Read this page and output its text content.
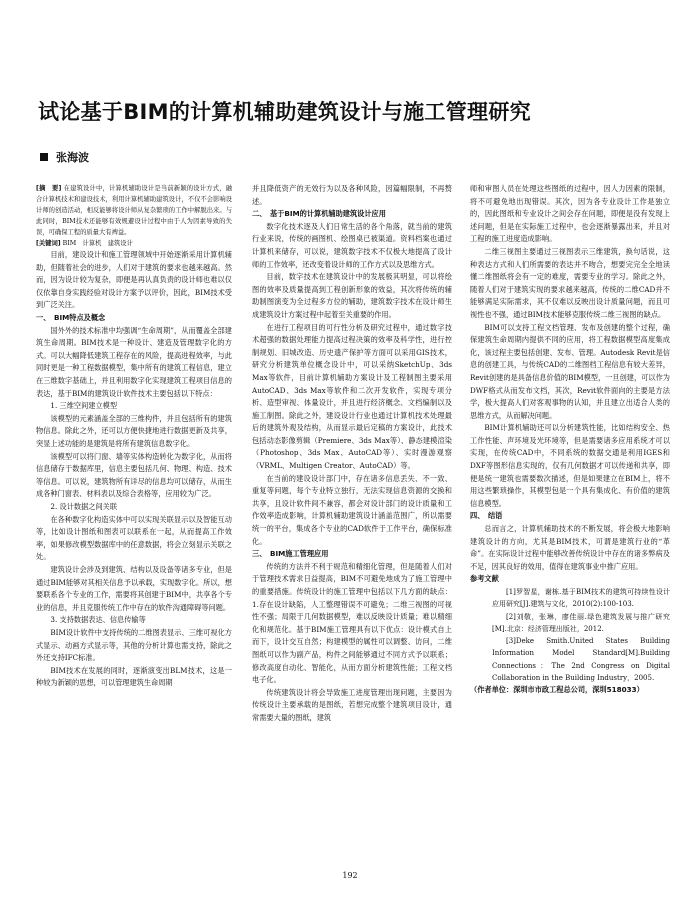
试论基于BIM的计算机辅助建筑设计与施工管理研究
张海波

[摘　要] 在建筑设计中，计算机辅助设计是当前新颖的设计方式，融合计算机技术和建设技术，利用计算机辅助建筑设计，不仅不会影响设计师的创造活动，相反能够将设计师从复杂繁琐的工作中解脱出来。与此同时，BIM技术还能够有效规避设计过程中由于人为因素导致的失误，可确保工程的质量大有裨益。

[关键词] BIM　计算机　建筑设计

目前，建设设计和施工管理领域中开始逐渐采用计算机辅助，但随着社会的进步，人们对于建筑的要求也越来越高。然而，因为设计较为复杂，即便是再认真负责的设计师也难以仅仅依靠自身实践经验对设计方案予以评价，因此，BIM技术受到广泛关注。

一、　BIM特点及概念

国外外的技术标准中均强调“生命周期”，从而覆盖全部建筑生命周期。BIM技术是一种设计、建造及管理数字化的方式。可以大幅降低建筑工程存在的风险，提高进程效率，与此同时更是一种工程数据模型，集中所有的建筑工程信息，建立在三维数字基础上，并且利用数字化实现建筑工程项目信息的表达，基于BIM的建筑设计软件技术主要包括以下特点：

1. 三维空间建立模型

该模型的元素涵盖全部的三维构件，并且包括所有的建筑物信息。除此之外，还可以方便快捷地进行数据更新及共享，突显上述功能的是建筑是将所有建筑信息数字化。

该模型可以将门窗、墙等实体构造转化为数字化，从而将信息储存于数据库里，信息主要包括几何、物理、构造、技术等信息。可以说，建筑物所有详尽的信息均可以储存，从而生成各种门窗表、材料表以及综合表格等，应用较为广泛。

2. 设计数据之间关联

在各种数字化构造实体中可以实现关联显示以及智能互动等，比如设计图纸和图表可以联系在一起，从而提高工作效率，如果修改模型数据库中的任意数据，将会立刻显示关联之处。

建筑设计会涉及到建筑、结构以及设备等诸多专业，但是通过BIM能够对其相关信息予以承载，实现数字化。所以，想要联系各个专业的工作，需要将其创建于BIM中，共享各个专业的信息，并且克服传统工作中存在的软件沟通障碍等问题。

3. 支持数据表达、信息传输等

BIM设计软件中支持传统的二维图表显示、三维可视化方式显示、动画方式显示等，其他的分析计算也需支持，除此之外还支持IFC标准。

BIM技术在发展的同时，逐渐演变出BLM技术，这是一种较为新颖的思想，可以管理建筑生命周期

并且降低资产的无效行为以及各种风险，因篇幅限制，不再赘述。

二、　基于BIM的计算机辅助建筑设计应用

数字化技术逐及人们日常生活的各个角落，就当前的建筑行业来说，传统的画图机、绘图桌已被渠道。资料档案也通过计算机来储存，可以说，建筑数字技术不仅极大地提高了设计师的工作效率，还改变着设计师的工作方式以及思维方式。

目前，数字技术在建筑设计中的发展极其明显，可以将绘图的效率及质量提高到工程创新形象的效益，其次将传统的辅助制图演变为全过程多方位的辅助，建筑数字技术在设计师生成建筑设计方案过程中起着至关重要的作用。

在进行工程项目的可行性分析及研究过程中，通过数字技术超强的数据处理能力提高过程决策的效率及科学性，进行控制规划、旧城改造、历史遗产保护等方面可以采用GIS技术，研究分析建筑单位概念设计中，可以采纳SketchUp、3ds Max等软件，目前计算机辅助方案设计及工程制图主要采用AutoCAD、3ds Max等软件和二次开发软件，实现专项分析、造型审视、体量设计，并且进行经济概念、文档编制以及施工制图。除此之外，建设设计行业也通过计算机技术处理最后的建筑外观及结构，从而显示最后定稿的方案设计，此技术包括动态影像剪辑（Premiere、3ds Max等）、静态建模渲染（Photoshop、3ds Max、AutoCAD等）、实时漫游观察（VRML、Multigen Creator、AutoCAD）等。

在当前的建设设计部门中，存在诸多信息丢失、不一致、重复等问题，每个专业特立独行，无法实现信息资源的交换和共享，且设计软件间不兼容，都会对设计部门的设计质量和工作效率造成影响，计算机辅助建筑设计涵盖范围广，所以需要统一的平台，集成各个专业的CAD软件于工作平台，确保标准化。

三、　BIM施工管理应用

传统的方法并不利于规范和精细化管理，但是随着人们对于管理技术需求日益提高，BIM不可避免地成为了施工管理中的重要措施。传统设计的施工管理中包括以下几方面的缺点：1.存在设计缺陷，人工整理错误不可避免；二维三视图的可视性不强；局限于几何数据模型，难以反映设计质量；难以精细化和规范化。基于BIM施工管理具有以下优点：设计模式自上而下，设计交互自然；构建模型的属性可以调整、访问，二维图纸可以作为副产品，构件之间能够通过不同方式予以联系；修改高度自动化、智能化，从而方面分析建筑性能；工程文档电子化。

传统建筑设计将会导致施工进度管理出现问题，主要因为传统设计主要承载的是图纸，若想完成整个建筑项目设计，通常需要大量的图纸，建筑

师和审图人员在处理这些图纸的过程中，因人力因素的限制，将不可避免地出现错误。其次，因为各专业设计工作是独立的，因此图纸和专业设计之间会存在问题，即便是没有发现上述问题，但是在实际施工过程中，也会逐渐暴露出来，并且对工程的施工进度造成影响。

二维三视图主要通过三视图表示三维建筑，换句话说，这种表达方式和人们所需要的表达并不吻合，想要完完全全地读懂二维图纸将会有一定的难度，需要专业的学习。除此之外，随着人们对于建筑实现的要求越来越高，传统的二维CAD并不能够满足实际需求，其不仅难以反映出设计质量问题，而且可视性也不强，通过BIM技术能够克服传统二维三视图的缺点。

BIM可以支持工程文档管理、发布及创建的整个过程，确保建筑生命周期内提供不同的应用，将工程数据模型高度集成化，该过程主要包括创建、发布、管理。Autodesk Revit是信息的创建工具，与传统CAD的二维图档工程信息有较大差异，Revit创建的是具备信息价值的BIM模型，一旦创建，可以作为DWF格式从而发布文档，其次，Revit软件面向的主要是方法学，极大提高人们对客观事物的认知，并且建立出适合人类的思维方式，从而解决问题。

BIM计算机辅助还可以分析建筑性能，比如结构安全、热工作性能、声环境及光环境等，但是需要诸多应用系统才可以实现，在传统CAD中，不同系统的数据交通是利用IGES和DXF等图形信息实现的，仅有几何数据才可以传递和共享，即便是统一建筑也需要数次描述，但是如果建立在BIM上，将不用这些繁琐操作，其模型包是一个具有集成化、有价值的建筑信息模型。

四、　结语

总而言之，计算机辅助技术的不断发展，将会极大地影响建筑设计的方向，尤其是BIM技术，可谓是建筑行业的“革命”。在实际设计过程中能够改善传统设计中存在的诸多弊病及不足，因其良好的效用，值得在建筑事业中推广应用。

参考文献

[1]罗智星，谢栋.基于BIM技术的建筑可持续性设计应用研究[J].建筑与文化，2010(2):100-103.

[2]刘敬，张琳，廖佳丽.绿色建筑发展与推广研究[M].北京：经济管理出版社，2012.

[3]Deke Smith.United States Building Information Model Standard[M].Building Connections：The 2nd Congress on Digital Collaboration in the Building Industry，2005.

（作者单位：深圳市市政工程总公司，深圳518033）

192
